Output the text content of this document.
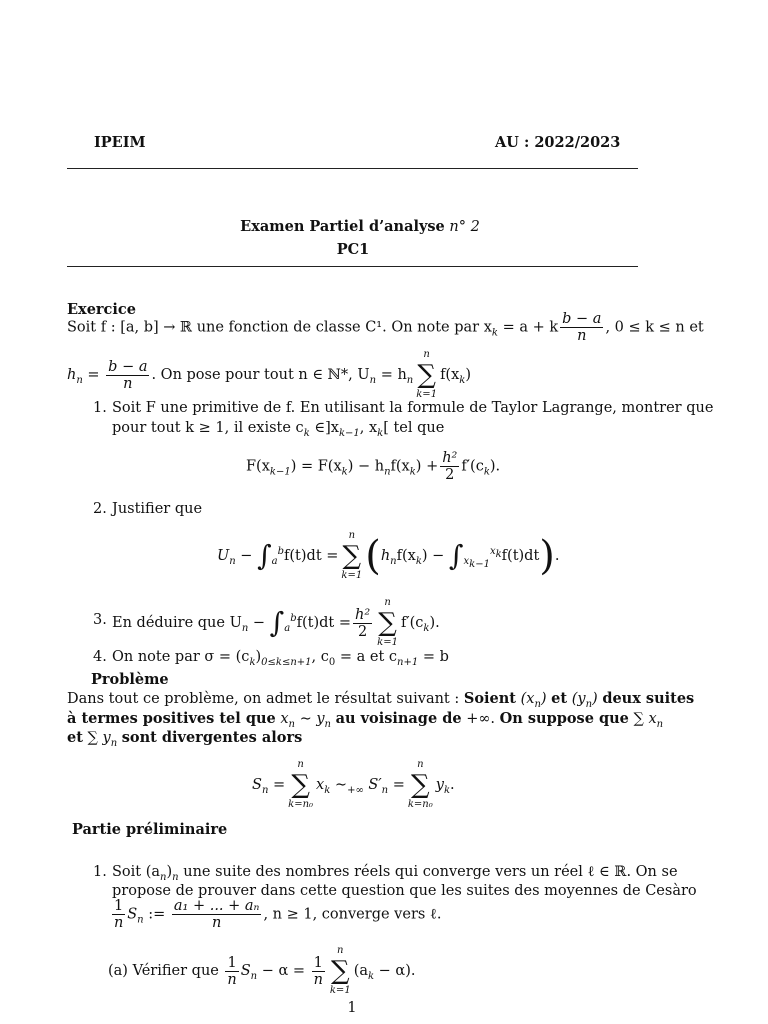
IPEIM	AU : 2022/2023
Examen Partiel d’analyse n° 2
PC1
Exercice
Soit f : [a, b] → ℝ une fonction de classe C¹. On note par $x_k = a + k \frac{b - a}{n}$ , 0 ≤ k ≤ n et
$h_n = \frac{b - a}{n}$ . On pose pour tout n ∈ ℕ*, $U_n = h_n$
n
∑
k=1
$f(x_k)$
1. Soit F une primitive de f. En utilisant la formule de Taylor Lagrange, montrer que
pour tout k ≥ 1, il existe $c_k$ $\in]x_{k-1}$, $x_k$[ tel que
$F(x_{k-1}) = F(x_k) - h_nf(x_k) + \frac{\text{h²}}{2} f'(c_k)$.
2. Justifier que
$U_n - \int_a^bf(t)dt$ =
n
∑
k=1 $(h_nf(x_k) - \int_{x_{k-1}}^{x_k}f(t)dt)$.
3. En déduire que $U_n - \int_a^bf(t)dt = \frac{\text{h²}}{2}$
n
∑
k=1
$f'(c_k)$.
4. On note par $\sigma = (c_k)_{0\le k\le n+1}$, $c_0 = a$ et $c_{n+1} = b$
Problème
Dans tout ce problème, on admet le résultat suivant : Soient $(x_n)$ et $(y_n)$ deux suites
à termes positives tel que $x_n$ ∼ $y_n$ au voisinage de +∞. On suppose que ∑ $x_n$
et ∑ $y_n$ sont divergentes alors
$S_n$ =
n
∑
k=n₀
$x_k$ $\sim_{+\infty}$ $S'_n$ =
n
∑
k=n₀
$y_k$.
Partie préliminaire
1. Soit $(a_n)_n$ une suite des nombres réels qui converge vers un réel ℓ ∈ ℝ. On se
propose de prouver dans cette question que les suites des moyennes de Cesàro
$\frac{1}{n} S_n$ := $\frac{\text{a₁ + ... + aₙ}}{n}$ , n ≥ 1, converge vers ℓ.
(a) Vérifier que $\frac{1}{n} S_n - \alpha = \frac{1}{n}$
n
∑
k=1
$(a_k - \alpha)$.
1
